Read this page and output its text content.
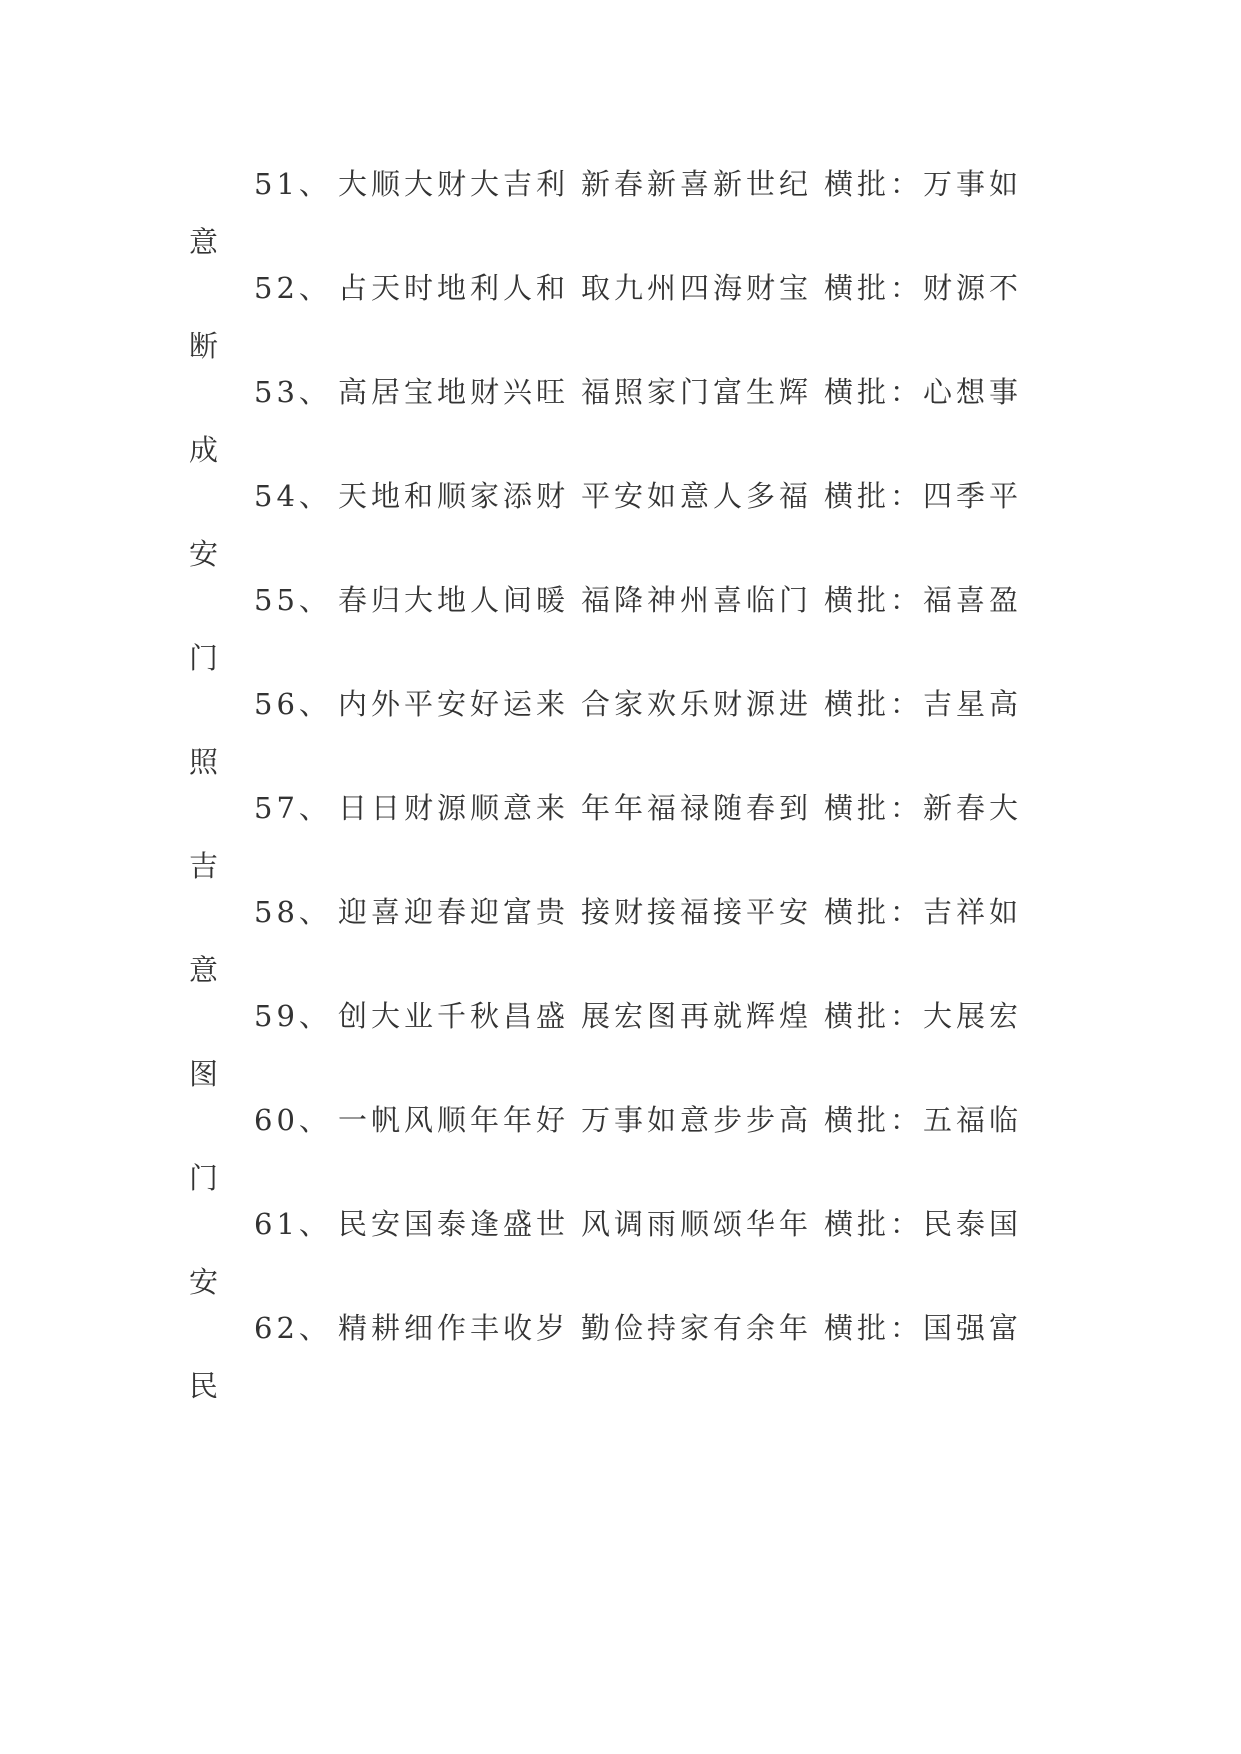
51、 大顺大财大吉利 新春新喜新世纪 横批：万事如
意
52、 占天时地利人和 取九州四海财宝 横批：财源不
断
53、 高居宝地财兴旺 福照家门富生辉 横批：心想事
成
54、 天地和顺家添财 平安如意人多福 横批：四季平
安
55、 春归大地人间暖 福降神州喜临门 横批：福喜盈
门
56、 内外平安好运来 合家欢乐财源进 横批：吉星高
照
57、 日日财源顺意来 年年福禄随春到 横批：新春大
吉
58、 迎喜迎春迎富贵 接财接福接平安 横批：吉祥如
意
59、 创大业千秋昌盛 展宏图再就辉煌 横批：大展宏
图
60、 一帆风顺年年好 万事如意步步高 横批：五福临
门
61、 民安国泰逢盛世 风调雨顺颂华年 横批：民泰国
安
62、 精耕细作丰收岁 勤俭持家有余年 横批：国强富
民
